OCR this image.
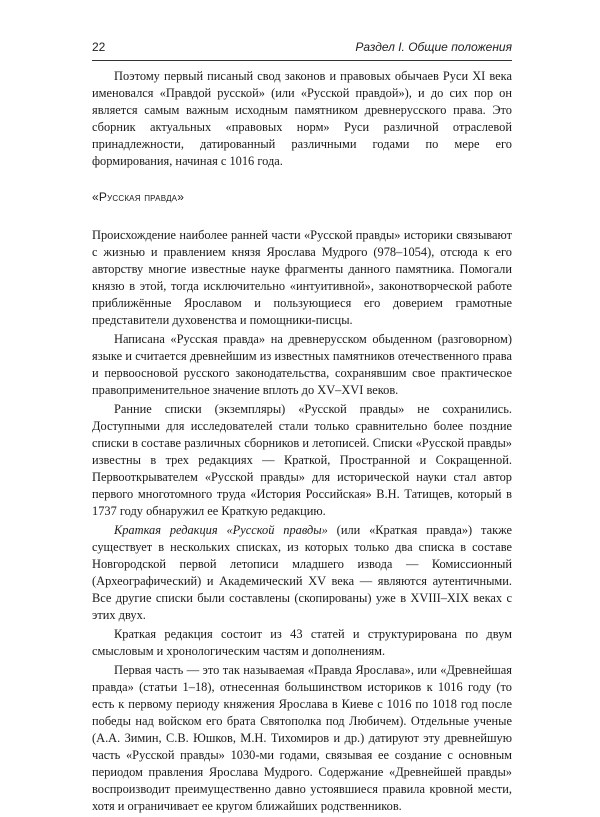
22	Раздел I. Общие положения

Поэтому первый писаный свод законов и правовых обычаев Руси XI века именовался «Правдой русской» (или «Русской правдой»), и до сих пор он является самым важным исходным памятником древнерусского права. Это сборник актуальных «правовых норм» Руси различной отраслевой принадлежности, датированный различными годами по мере его формирования, начиная с 1016 года.

«Русская правда»

Происхождение наиболее ранней части «Русской правды» историки связывают с жизнью и правлением князя Ярослава Мудрого (978–1054), отсюда к его авторству многие известные науке фрагменты данного памятника. Помогали князю в этой, тогда исключительно «интуитивной», законотворческой работе приближённые Ярославом и пользующиеся его доверием грамотные представители духовенства и помощники-писцы.

Написана «Русская правда» на древнерусском обыденном (разговорном) языке и считается древнейшим из известных памятников отечественного права и первоосновой русского законодательства, сохранявшим свое практическое правоприменительное значение вплоть до XV–XVI веков.

Ранние списки (экземпляры) «Русской правды» не сохранились. Доступными для исследователей стали только сравнительно более поздние списки в составе различных сборников и летописей. Списки «Русской правды» известны в трех редакциях — Краткой, Пространной и Сокращенной. Первооткрывателем «Русской правды» для исторической науки стал автор первого многотомного труда «История Российская» В.Н. Татищев, который в 1737 году обнаружил ее Краткую редакцию.

Краткая редакция «Русской правды» (или «Краткая правда») также существует в нескольких списках, из которых только два списка в составе Новгородской первой летописи младшего извода — Комиссионный (Археографический) и Академический XV века — являются аутентичными. Все другие списки были составлены (скопированы) уже в XVIII–XIX веках с этих двух.

Краткая редакция состоит из 43 статей и структурирована по двум смысловым и хронологическим частям и дополнениям.

Первая часть — это так называемая «Правда Ярослава», или «Древнейшая правда» (статьи 1–18), отнесенная большинством историков к 1016 году (то есть к первому периоду княжения Ярослава в Киеве с 1016 по 1018 год после победы над войском его брата Святополка под Любичем). Отдельные ученые (А.А. Зимин, С.В. Юшков, М.Н. Тихомиров и др.) датируют эту древнейшую часть «Русской правды» 1030-ми годами, связывая ее создание с основным периодом правления Ярослава Мудрого. Содержание «Древнейшей правды» воспроизводит преимущественно давно устоявшиеся правила кровной мести, хотя и ограничивает ее кругом ближайших родственников.
